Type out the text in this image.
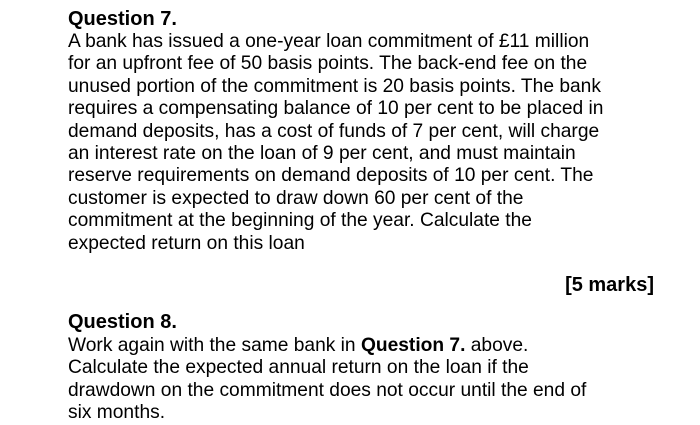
Question 7.

A bank has issued a one-year loan commitment of £11 million
for an upfront fee of 50 basis points. The back-end fee on the
unused portion of the commitment is 20 basis points. The bank
requires a compensating balance of 10 per cent to be placed in
demand deposits, has a cost of funds of 7 per cent, will charge
an interest rate on the loan of 9 per cent, and must maintain
reserve requirements on demand deposits of 10 per cent. The
customer is expected to draw down 60 per cent of the
commitment at the beginning of the year. Calculate the
expected return on this loan

[5 marks]
Question 8.

Work again with the same bank in Question 7. above.
Calculate the expected annual return on the loan if the
drawdown on the commitment does not occur until the end of
six months.
